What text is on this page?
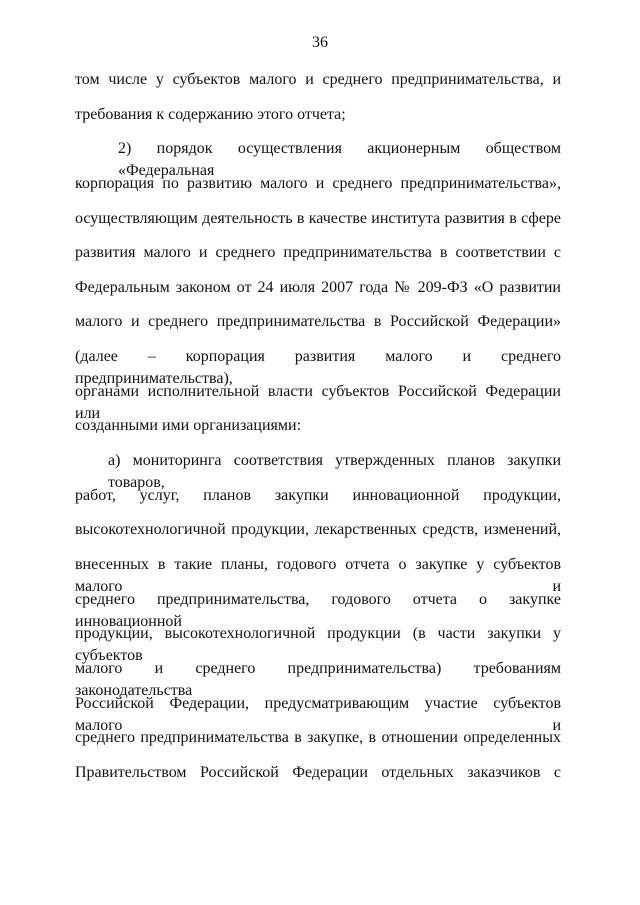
36
том числе у субъектов малого и среднего предпринимательства, и
требования к содержанию этого отчета;
2) порядок осуществления акционерным обществом «Федеральная
корпорация по развитию малого и среднего предпринимательства»,
осуществляющим деятельность в качестве института развития в сфере
развития малого и среднего предпринимательства в соответствии с
Федеральным законом от 24 июля 2007 года № 209-ФЗ «О развитии
малого и среднего предпринимательства в Российской Федерации»
(далее – корпорация развития малого и среднего предпринимательства),
органами исполнительной власти субъектов Российской Федерации или
созданными ими организациями:
а) мониторинга соответствия утвержденных планов закупки товаров,
работ, услуг, планов закупки инновационной продукции,
высокотехнологичной продукции, лекарственных средств, изменений,
внесенных в такие планы, годового отчета о закупке у субъектов малого и
среднего предпринимательства, годового отчета о закупке инновационной
продукции, высокотехнологичной продукции (в части закупки у субъектов
малого и среднего предпринимательства) требованиям законодательства
Российской Федерации, предусматривающим участие субъектов малого и
среднего предпринимательства в закупке, в отношении определенных
Правительством Российской Федерации отдельных заказчиков с
